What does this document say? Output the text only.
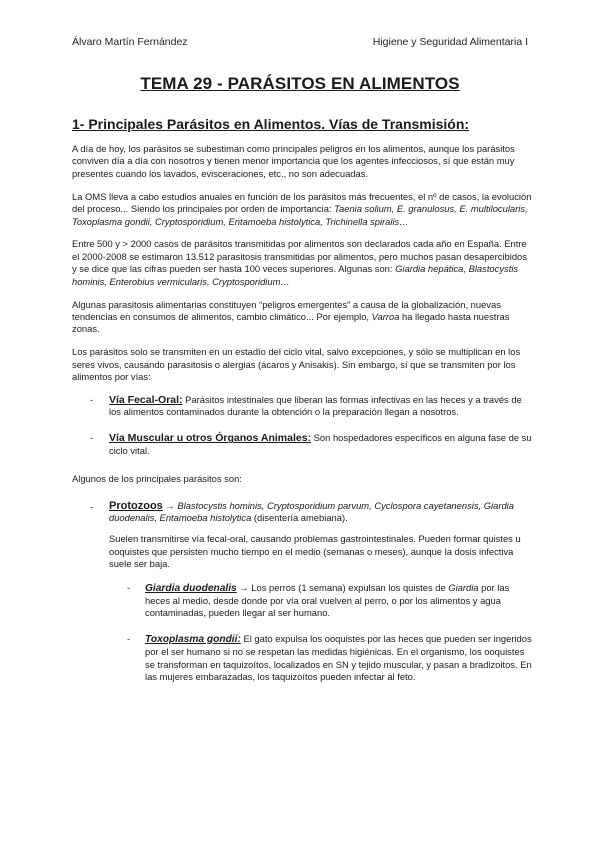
Álvaro Martín Fernández	Higiene y Seguridad Alimentaria I
TEMA 29 - PARÁSITOS EN ALIMENTOS
1- Principales Parásitos en Alimentos. Vías de Transmisión:

A día de hoy, los parásitos se subestiman como principales peligros en los alimentos, aunque los parásitos conviven día a día con nosotros y tienen menor importancia que los agentes infecciosos, sí que están muy presentes cuando los lavados, evisceraciones, etc., no son adecuadas.

La OMS lleva a cabo estudios anuales en función de los parásitos más frecuentes, el nº de casos, la evolución del proceso... Siendo los principales por orden de importancia: Taenia solium, E. granulosus, E. multilocularis, Toxoplasma gondii, Cryptosporidium, Entamoeba histolytica, Trichinella spiralis…

Entre 500 y > 2000 casos de parásitos transmitidas por alimentos son declarados cada año en España. Entre el 2000-2008 se estimaron 13.512 parasitosis transmitidas por alimentos, pero muchos pasan desapercibidos y se dice que las cifras pueden ser hasta 100 veces superiores. Algunas son: Giardia hepática, Blastocystis hominis, Enterobius vermicularis, Cryptosporidium…

Algunas parasitosis alimentarias constituyen “peligros emergentes” a causa de la globalización, nuevas tendencias en consumos de alimentos, cambio climático... Por ejemplo, Varroa ha llegado hasta nuestras zonas.

Los parásitos solo se transmiten en un estadío del ciclo vital, salvo excepciones, y sólo se multiplican en los seres vivos, causando parasitosis o alergias (ácaros y Anisakis). Sin embargo, sí que se transmiten por los alimentos por vías:

- Vía Fecal-Oral: Parásitos intestinales que liberan las formas infectivas en las heces y a través de los alimentos contaminados durante la obtención o la preparación llegan a nosotros.
- Vía Muscular u otros Órganos Animales: Son hospedadores específicos en alguna fase de su ciclo vital.

Algunos de los principales parásitos son:

- Protozoos → Blastocystis hominis, Cryptosporidium parvum, Cyclospora cayetanensis, Giardia duodenalis, Entamoeba histolytica (disentería amebiana).

Suelen transmitirse vía fecal-oral, causando problemas gastrointestinales. Pueden formar quistes u ooquistes que persisten mucho tiempo en el medio (semanas o meses), aunque la dosis infectiva suele ser baja.

- Giardia duodenalis → Los perros (1 semana) expulsan los quistes de Giardia por las heces al medio, desde donde por vía oral vuelven al perro, o por los alimentos y agua contaminadas, pueden llegar al ser humano.
- Toxoplasma gondii: El gato expulsa los ooquistes por las heces que pueden ser ingeridos por el ser humano si no se respetan las medidas higiénicas. En el organismo, los ooquistes se transforman en taquizoítos, localizados en SN y tejido muscular, y pasan a bradizoitos. En las mujeres embarazadas, los taquizoítos pueden infectar al feto.
